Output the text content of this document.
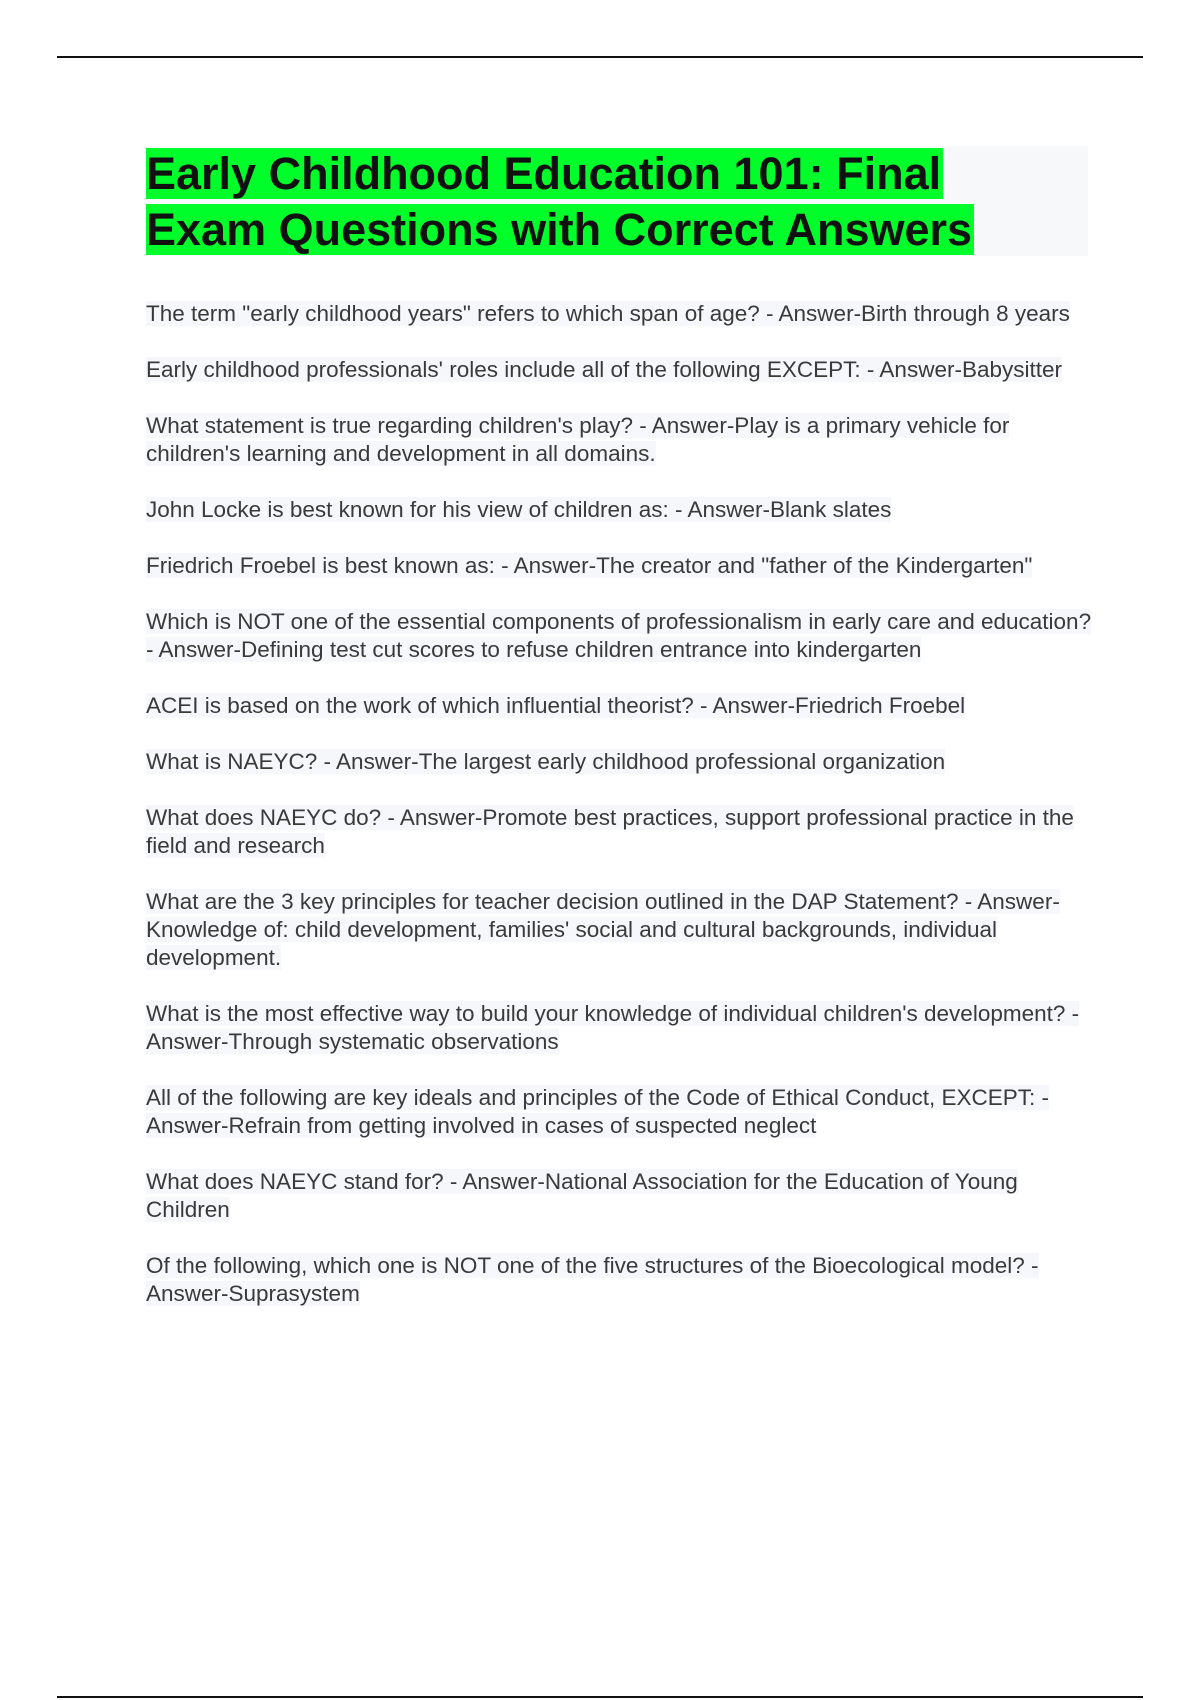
Early Childhood Education 101: Final
Exam Questions with Correct Answers

The term "early childhood years" refers to which span of age? - Answer-Birth through 8 years

Early childhood professionals' roles include all of the following EXCEPT: - Answer-Babysitter

What statement is true regarding children's play? - Answer-Play is a primary vehicle for children's learning and development in all domains.

John Locke is best known for his view of children as: - Answer-Blank slates

Friedrich Froebel is best known as: - Answer-The creator and "father of the Kindergarten"

Which is NOT one of the essential components of professionalism in early care and education? - Answer-Defining test cut scores to refuse children entrance into kindergarten

ACEI is based on the work of which influential theorist? - Answer-Friedrich Froebel

What is NAEYC? - Answer-The largest early childhood professional organization

What does NAEYC do? - Answer-Promote best practices, support professional practice in the field and research

What are the 3 key principles for teacher decision outlined in the DAP Statement? - Answer-Knowledge of: child development, families' social and cultural backgrounds, individual development.

What is the most effective way to build your knowledge of individual children's development? - Answer-Through systematic observations

All of the following are key ideals and principles of the Code of Ethical Conduct, EXCEPT: - Answer-Refrain from getting involved in cases of suspected neglect

What does NAEYC stand for? - Answer-National Association for the Education of Young Children

Of the following, which one is NOT one of the five structures of the Bioecological model? - Answer-Suprasystem
